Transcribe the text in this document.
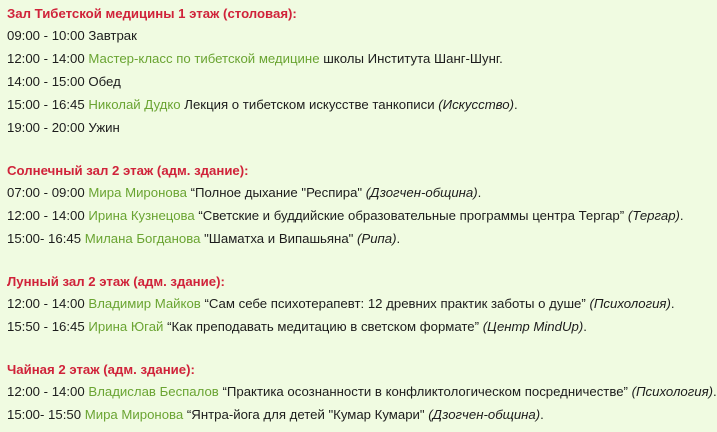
Зал Тибетской медицины 1 этаж (столовая):
09:00 - 10:00 Завтрак
12:00 - 14:00 Мастер-класс по тибетской медицине школы Института Шанг-Шунг.
14:00 - 15:00 Обед
15:00 - 16:45 Николай Дудко Лекция о тибетском искусстве танкописи (Искусство).
19:00 - 20:00 Ужин
Солнечный зал 2 этаж (адм. здание):
07:00 - 09:00 Мира Миронова “Полное дыхание "Респира" (Дзогчен-община).
12:00 - 14:00 Ирина Кузнецова “Светские и буддийские образовательные программы центра Тергар” (Тергар).
15:00- 16:45 Милана Богданова "Шаматха и Випашьяна" (Рипа).
Лунный зал 2 этаж (адм. здание):
12:00 - 14:00 Владимир Майков “Сам себе психотерапевт: 12 древних практик заботы о душе” (Психология).
15:50 - 16:45 Ирина Югай “Как преподавать медитацию в светском формате” (Центр MindUp).
Чайная 2 этаж (адм. здание):
12:00 - 14:00 Владислав Беспалов “Практика осознанности в конфликтологическом посредничестве” (Психология).
15:00- 15:50 Мира Миронова “Янтра-йога для детей "Кумар Кумари" (Дзогчен-община).
